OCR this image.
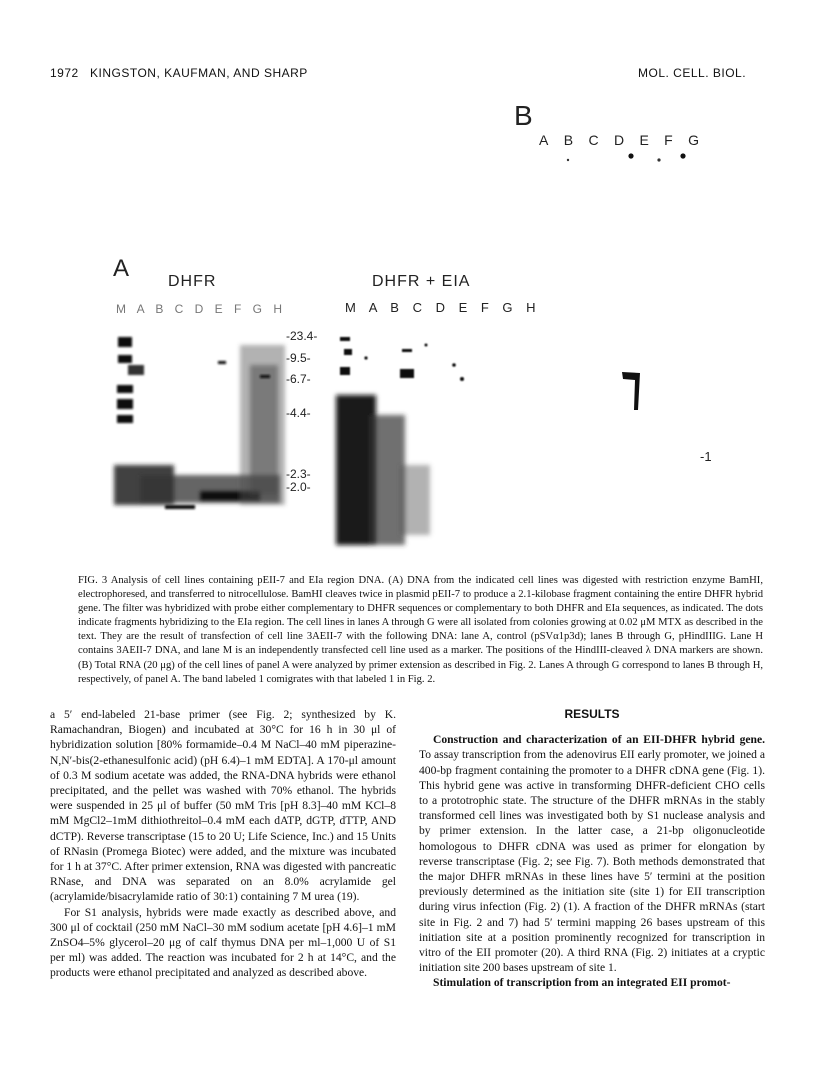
1972 KINGSTON, KAUFMAN, AND SHARP	MOL. CELL. BIOL.
B
A B C D E F G
-1
A DHFR	DHFR + EIA
M A B C D E F G H	M A B C D E F G H
-23.4-
-9.5-
-6.7-
-4.4-
-2.3-
-2.0-
FIG. 3 Analysis of cell lines containing pEII-7 and EIa region DNA. (A) DNA from the indicated cell lines was digested with restriction enzyme BamHI, electrophoresed, and transferred to nitrocellulose. BamHI cleaves twice in plasmid pEII-7 to produce a 2.1-kilobase fragment containing the entire DHFR hybrid gene. The filter was hybridized with probe either complementary to DHFR sequences or complementary to both DHFR and EIa sequences, as indicated. The dots indicate fragments hybridizing to the EIa region. The cell lines in lanes A through G were all isolated from colonies growing at 0.02 μM MTX as described in the text. They are the result of transfection of cell line 3AEII-7 with the following DNA: lane A, control (pSVα1p3d); lanes B through G, pHindIIIG. Lane H contains 3AEII-7 DNA, and lane M is an independently transfected cell line used as a marker. The positions of the HindIII-cleaved λ DNA markers are shown. (B) Total RNA (20 μg) of the cell lines of panel A were analyzed by primer extension as described in Fig. 2. Lanes A through G correspond to lanes B through H, respectively, of panel A. The band labeled 1 comigrates with that labeled 1 in Fig. 2.

a 5′ end-labeled 21-base primer (see Fig. 2; synthesized by K. Ramachandran, Biogen) and incubated at 30°C for 16 h in 30 μl of hybridization solution [80% formamide–0.4 M NaCl–40 mM piperazine-N,N′-bis(2-ethanesulfonic acid) (pH 6.4)–1 mM EDTA]. A 170-μl amount of 0.3 M sodium acetate was added, the RNA-DNA hybrids were ethanol precipitated, and the pellet was washed with 70% ethanol. The hybrids were suspended in 25 μl of buffer (50 mM Tris [pH 8.3]–40 mM KCl–8 mM MgCl2–1mM dithiothreitol–0.4 mM each dATP, dGTP, dTTP, AND dCTP). Reverse transcriptase (15 to 20 U; Life Science, Inc.) and 15 Units of RNasin (Promega Biotec) were added, and the mixture was incubated for 1 h at 37°C. After primer extension, RNA was digested with pancreatic RNase, and DNA was separated on an 8.0% acrylamide gel (acrylamide/bisacrylamide ratio of 30:1) containing 7 M urea (19).

For S1 analysis, hybrids were made exactly as described above, and 300 μl of cocktail (250 mM NaCl–30 mM sodium acetate [pH 4.6]–1 mM ZnSO4–5% glycerol–20 μg of calf thymus DNA per ml–1,000 U of S1 per ml) was added. The reaction was incubated for 2 h at 14°C, and the products were ethanol precipitated and analyzed as described above.

RESULTS

Construction and characterization of an EII-DHFR hybrid gene. To assay transcription from the adenovirus EII early promoter, we joined a 400-bp fragment containing the promoter to a DHFR cDNA gene (Fig. 1). This hybrid gene was active in transforming DHFR-deficient CHO cells to a prototrophic state. The structure of the DHFR mRNAs in the stably transformed cell lines was investigated both by S1 nuclease analysis and by primer extension. In the latter case, a 21-bp oligonucleotide homologous to DHFR cDNA was used as primer for elongation by reverse transcriptase (Fig. 2; see Fig. 7). Both methods demonstrated that the major DHFR mRNAs in these lines have 5′ termini at the position previously determined as the initiation site (site 1) for EII transcription during virus infection (Fig. 2) (1). A fraction of the DHFR mRNAs (start site in Fig. 2 and 7) had 5′ termini mapping 26 bases upstream of this initiation site at a position prominently recognized for transcription in vitro of the EII promoter (20). A third RNA (Fig. 2) initiates at a cryptic initiation site 200 bases upstream of site 1.

Stimulation of transcription from an integrated EII promot-
